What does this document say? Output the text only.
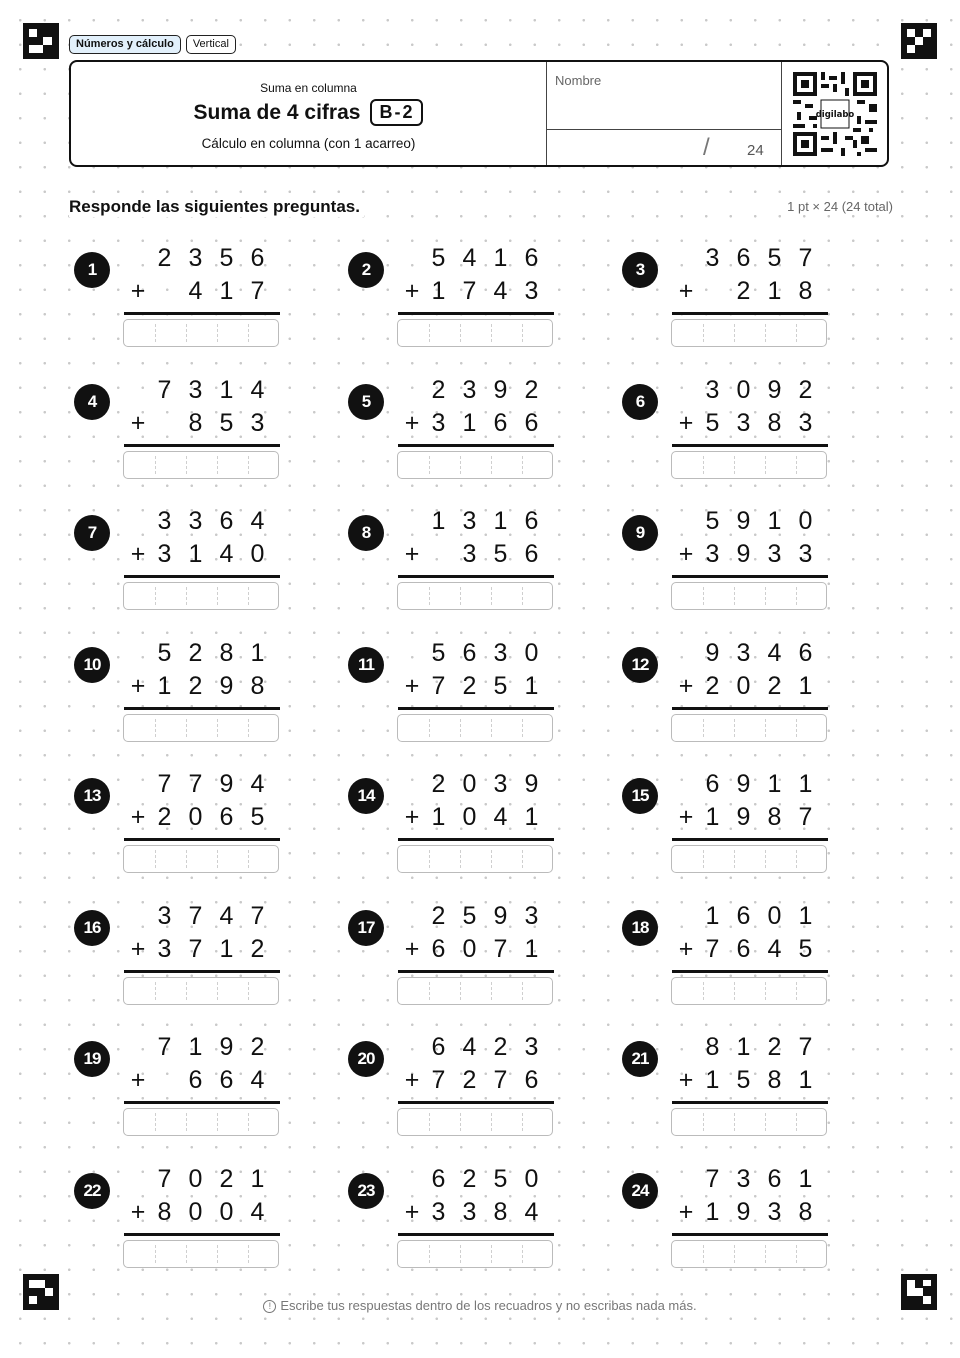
Números y cálculo	Vertical
Suma en columna
Suma de 4 cifras	B-2
Cálculo en columna (con 1 acarreo)
Nombre
/ 24
digilabo
Responde las siguientes preguntas.	1 pt × 24 (24 total)
1	2 3 5 6
+	4 1 7
2	5 4 1 6
+ 1 7 4 3
3	3 6 5 7
+	2 1 8
4	7 3 1 4
+	8 5 3
5	2 3 9 2
+ 3 1 6 6
6	3 0 9 2
+ 5 3 8 3
7	3 3 6 4
+ 3 1 4 0
8	1 3 1 6
+	3 5 6
9	5 9 1 0
+ 3 9 3 3
10	5 2 8 1
+ 1 2 9 8
11	5 6 3 0
+ 7 2 5 1
12	9 3 4 6
+ 2 0 2 1
13	7 7 9 4
+ 2 0 6 5
14	2 0 3 9
+ 1 0 4 1
15	6 9 1 1
+ 1 9 8 7
16	3 7 4 7
+ 3 7 1 2
17	2 5 9 3
+ 6 0 7 1
18	1 6 0 1
+ 7 6 4 5
19	7 1 9 2
+	6 6 4
20	6 4 2 3
+ 7 2 7 6
21	8 1 2 7
+ 1 5 8 1
22	7 0 2 1
+ 8 0 0 4
23	6 2 5 0
+ 3 3 8 4
24	7 3 6 1
+ 1 9 3 8
! Escribe tus respuestas dentro de los recuadros y no escribas nada más.
